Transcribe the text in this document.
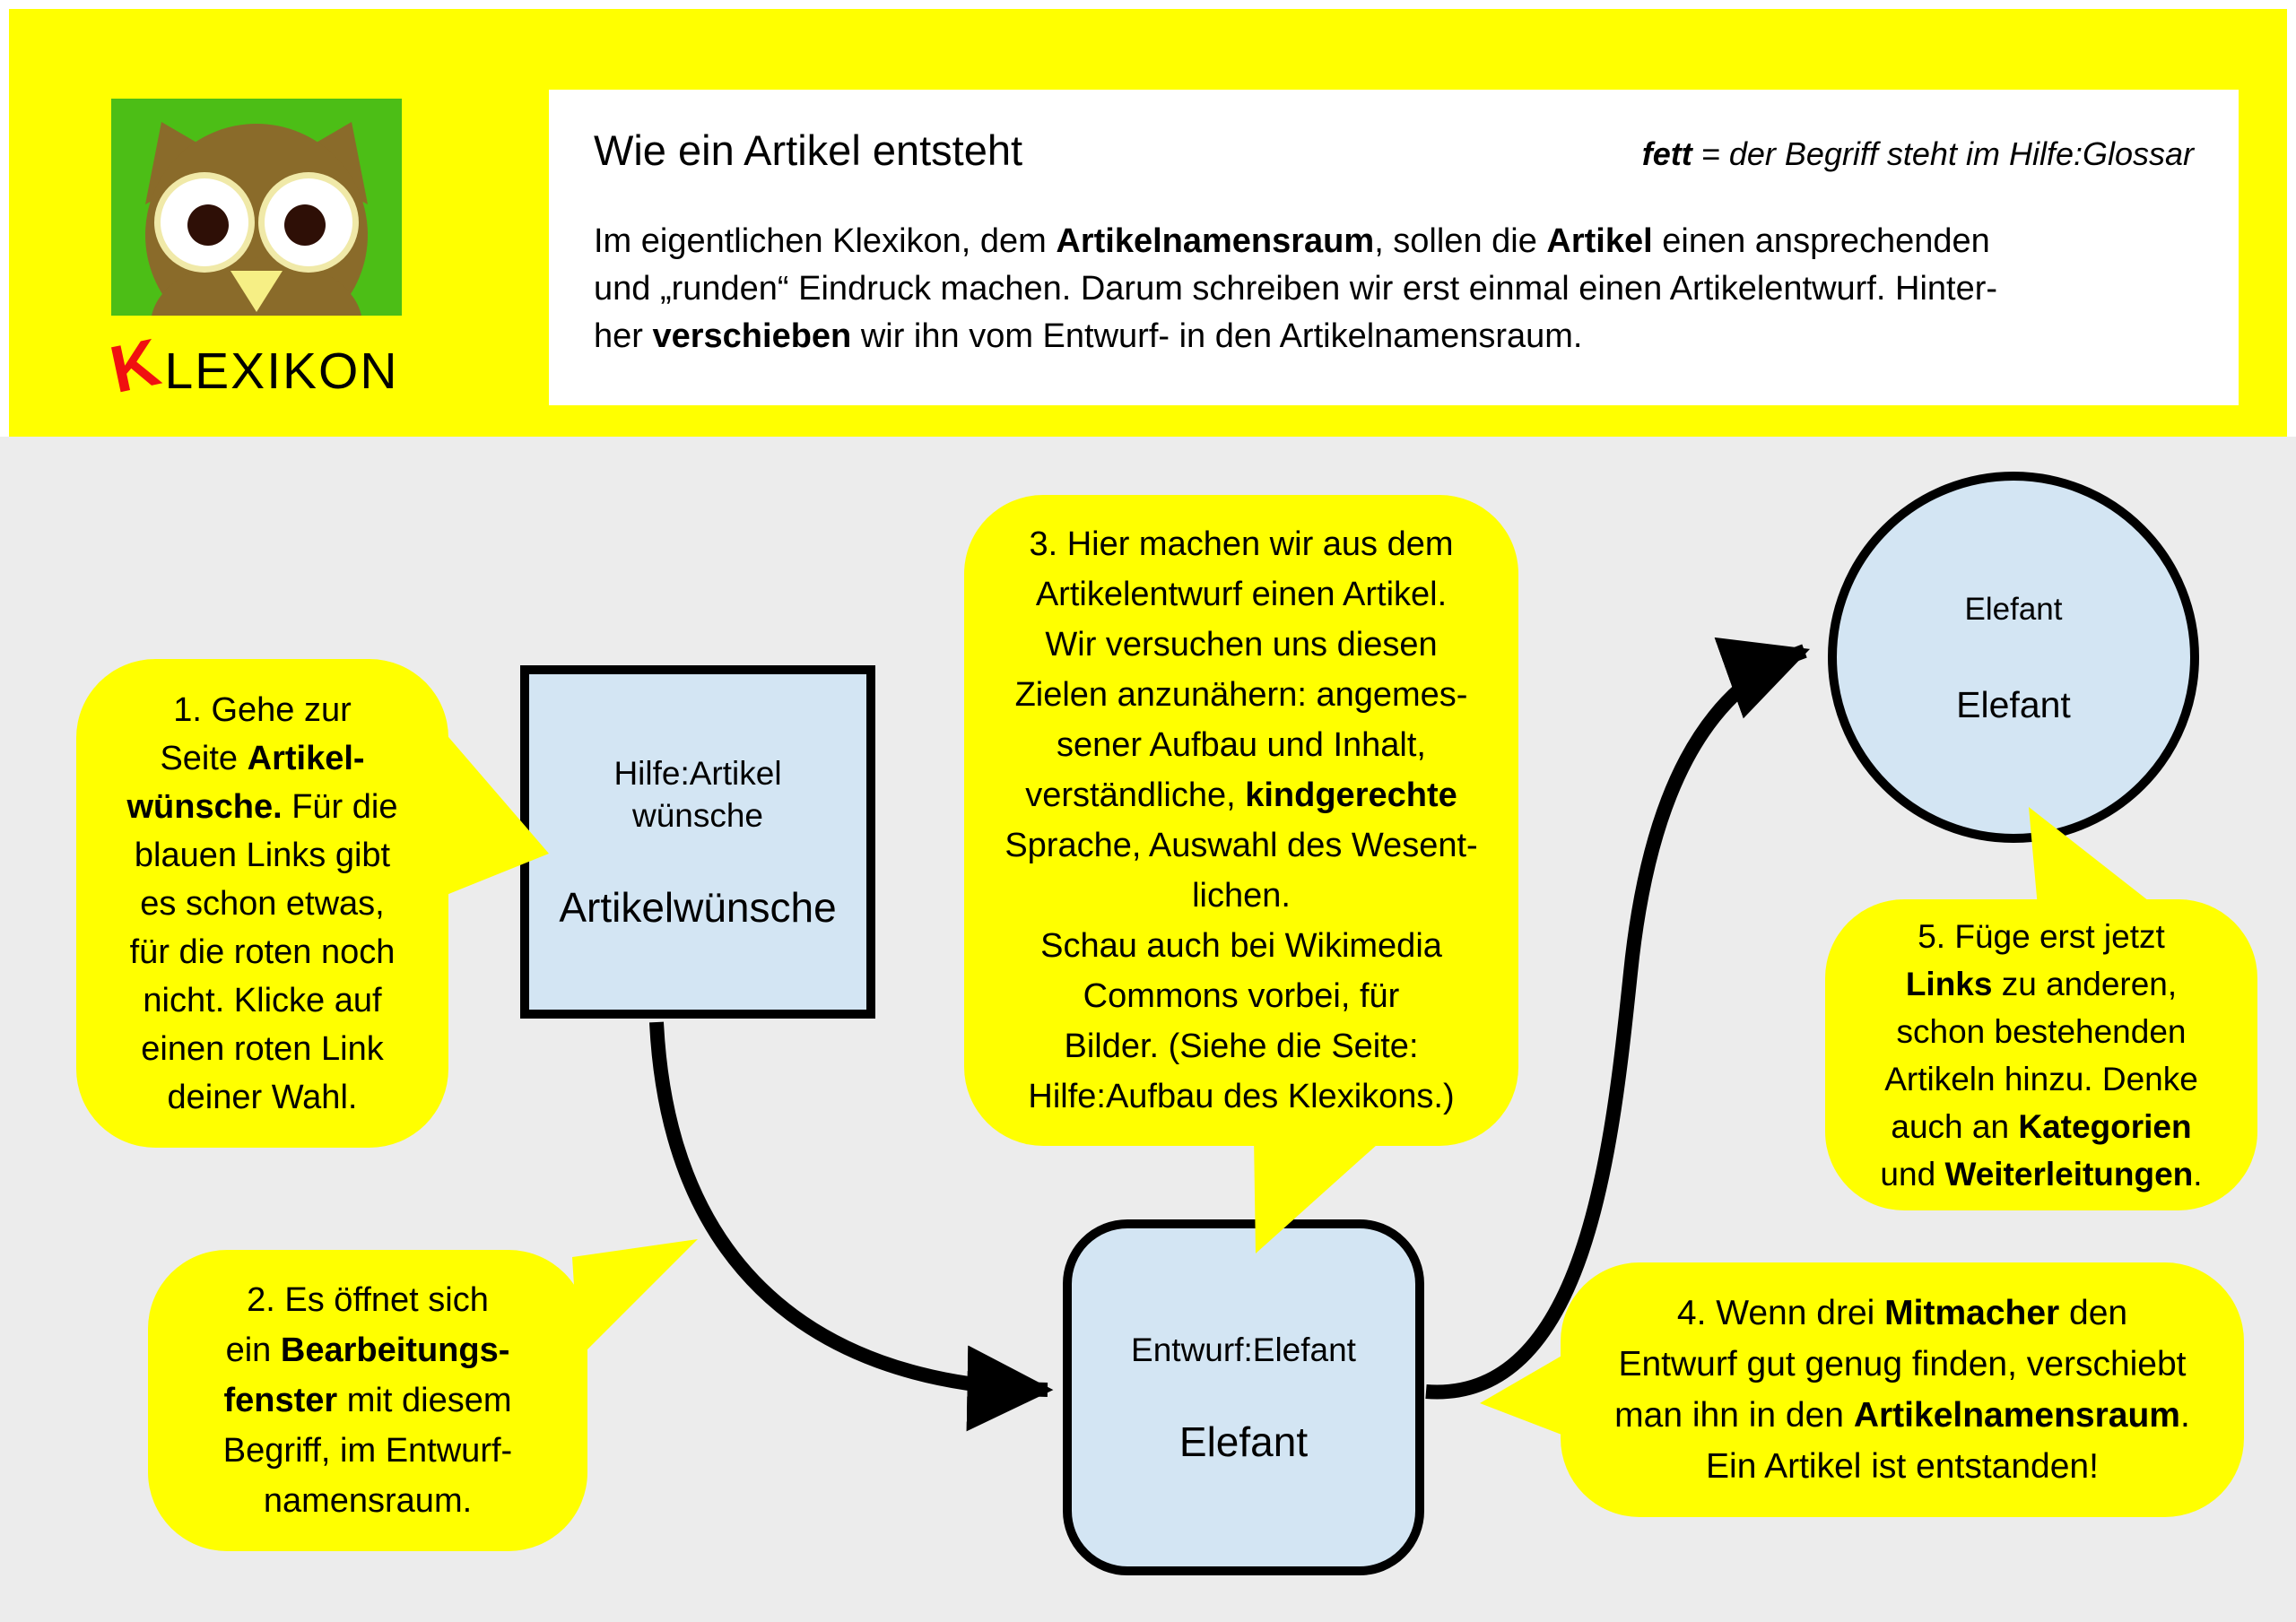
KLEXIKON
Wie ein Artikel entsteht	fett = der Begriff steht im Hilfe:Glossar
Im eigentlichen Klexikon, dem Artikelnamensraum, sollen die Artikel einen ansprechenden
und „runden“ Eindruck machen. Darum schreiben wir erst einmal einen Artikelentwurf. Hinter-
her verschieben wir ihn vom Entwurf- in den Artikelnamensraum.
Hilfe:Artikel
wünsche
Artikelwünsche
Entwurf:Elefant
Elefant
Elefant
Elefant
1. Gehe zur
Seite Artikel-
wünsche. Für die
blauen Links gibt
es schon etwas,
für die roten noch
nicht. Klicke auf
einen roten Link
deiner Wahl.
2. Es öffnet sich
ein Bearbeitungs-
fenster mit diesem
Begriff, im Entwurf-
namensraum.
3. Hier machen wir aus dem
Artikelentwurf einen Artikel.
Wir versuchen uns diesen
Zielen anzunähern: angemes-
sener Aufbau und Inhalt,
verständliche, kindgerechte
Sprache, Auswahl des Wesent-
lichen.
Schau auch bei Wikimedia
Commons vorbei, für
Bilder. (Siehe die Seite:
Hilfe:Aufbau des Klexikons.)
4. Wenn drei Mitmacher den
Entwurf gut genug finden, verschiebt
man ihn in den Artikelnamensraum.
Ein Artikel ist entstanden!
5. Füge erst jetzt
Links zu anderen,
schon bestehenden
Artikeln hinzu. Denke
auch an Kategorien
und Weiterleitungen.
